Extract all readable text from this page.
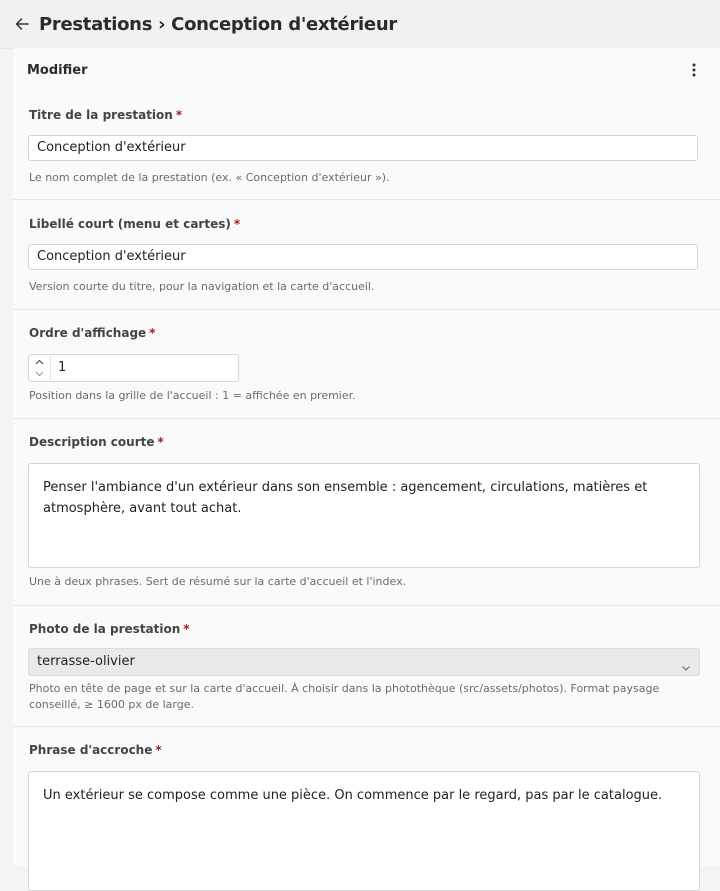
Prestations › Conception d'extérieur
Modifier
Titre de la prestation *
Conception d'extérieur
Le nom complet de la prestation (ex. « Conception d'extérieur »).
Libellé court (menu et cartes) *
Conception d'extérieur
Version courte du titre, pour la navigation et la carte d'accueil.
Ordre d'affichage *
1
Position dans la grille de l'accueil : 1 = affichée en premier.
Description courte *
Penser l'ambiance d'un extérieur dans son ensemble : agencement, circulations, matières et atmosphère, avant tout achat.
Une à deux phrases. Sert de résumé sur la carte d'accueil et l'index.
Photo de la prestation *
terrasse-olivier
Photo en tête de page et sur la carte d'accueil. À choisir dans la photothèque (src/assets/photos). Format paysage conseillé, ≥ 1600 px de large.
Phrase d'accroche *
Un extérieur se compose comme une pièce. On commence par le regard, pas par le catalogue.
